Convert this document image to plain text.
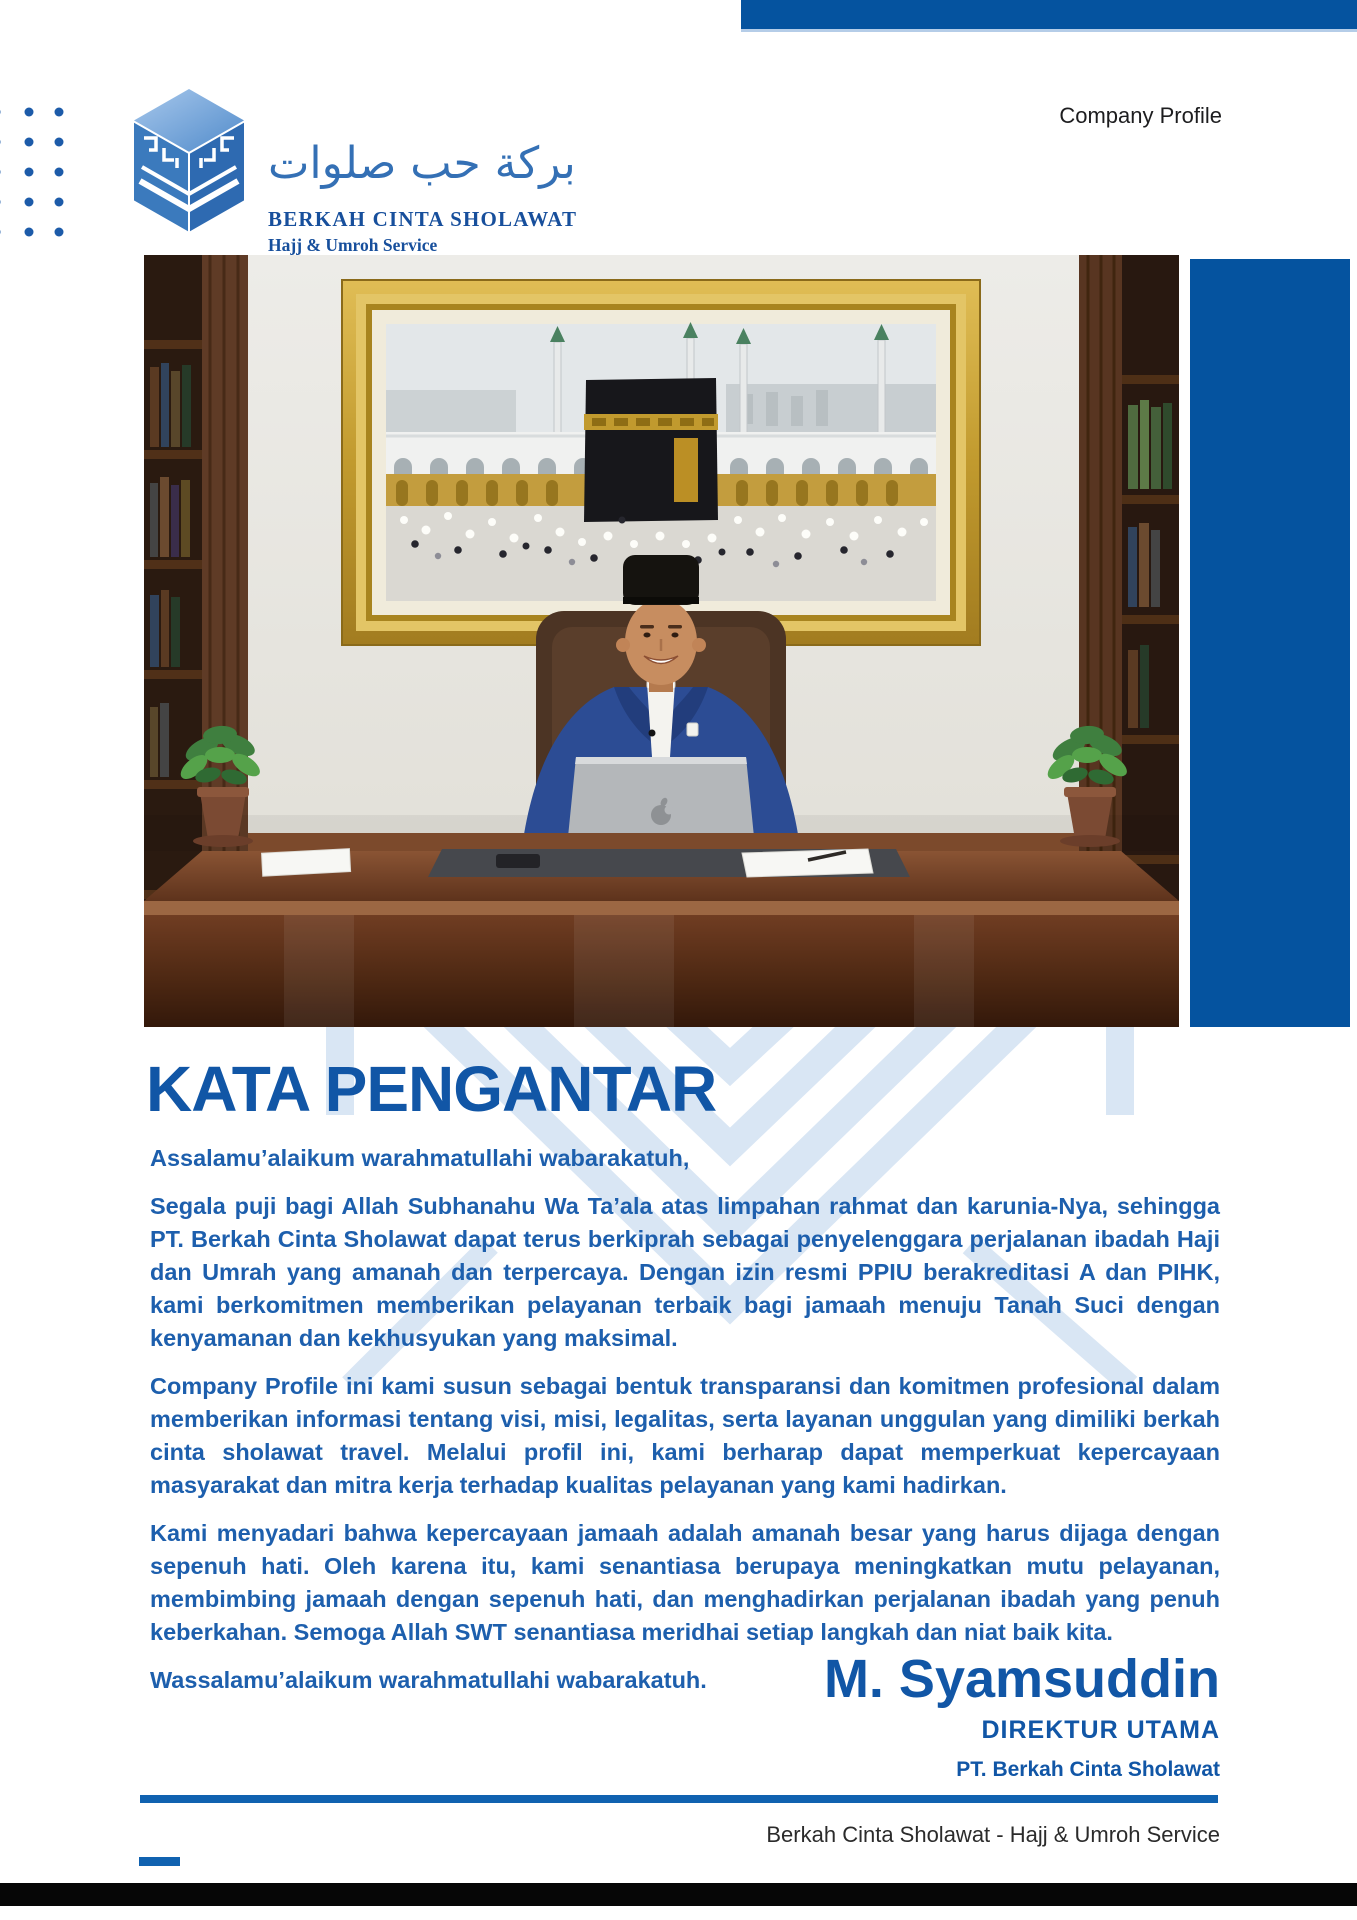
بركة حب صلوات
BERKAH CINTA SHOLAWAT
Hajj & Umroh Service
Company Profile
KATA PENGANTAR

Assalamu’alaikum warahmatullahi wabarakatuh,

Segala puji bagi Allah Subhanahu Wa Ta’ala atas limpahan rahmat dan karunia-Nya, sehingga PT. Berkah Cinta Sholawat dapat terus berkiprah sebagai penyelenggara perjalanan ibadah Haji dan Umrah yang amanah dan terpercaya. Dengan izin resmi PPIU berakreditasi A dan PIHK, kami berkomitmen memberikan pelayanan terbaik bagi jamaah menuju Tanah Suci dengan kenyamanan dan kekhusyukan yang maksimal.

Company Profile ini kami susun sebagai bentuk transparansi dan komitmen profesional dalam memberikan informasi tentang visi, misi, legalitas, serta layanan unggulan yang dimiliki berkah cinta sholawat travel. Melalui profil ini, kami berharap dapat memperkuat kepercayaan masyarakat dan mitra kerja terhadap kualitas pelayanan yang kami hadirkan.

Kami menyadari bahwa kepercayaan jamaah adalah amanah besar yang harus dijaga dengan sepenuh hati. Oleh karena itu, kami senantiasa berupaya meningkatkan mutu pelayanan, membimbing jamaah dengan sepenuh hati, dan menghadirkan perjalanan ibadah yang penuh keberkahan. Semoga Allah SWT senantiasa meridhai setiap langkah dan niat baik kita.

Wassalamu’alaikum warahmatullahi wabarakatuh.	M. Syamsuddin
DIREKTUR UTAMA
PT. Berkah Cinta Sholawat
Berkah Cinta Sholawat - Hajj & Umroh Service
